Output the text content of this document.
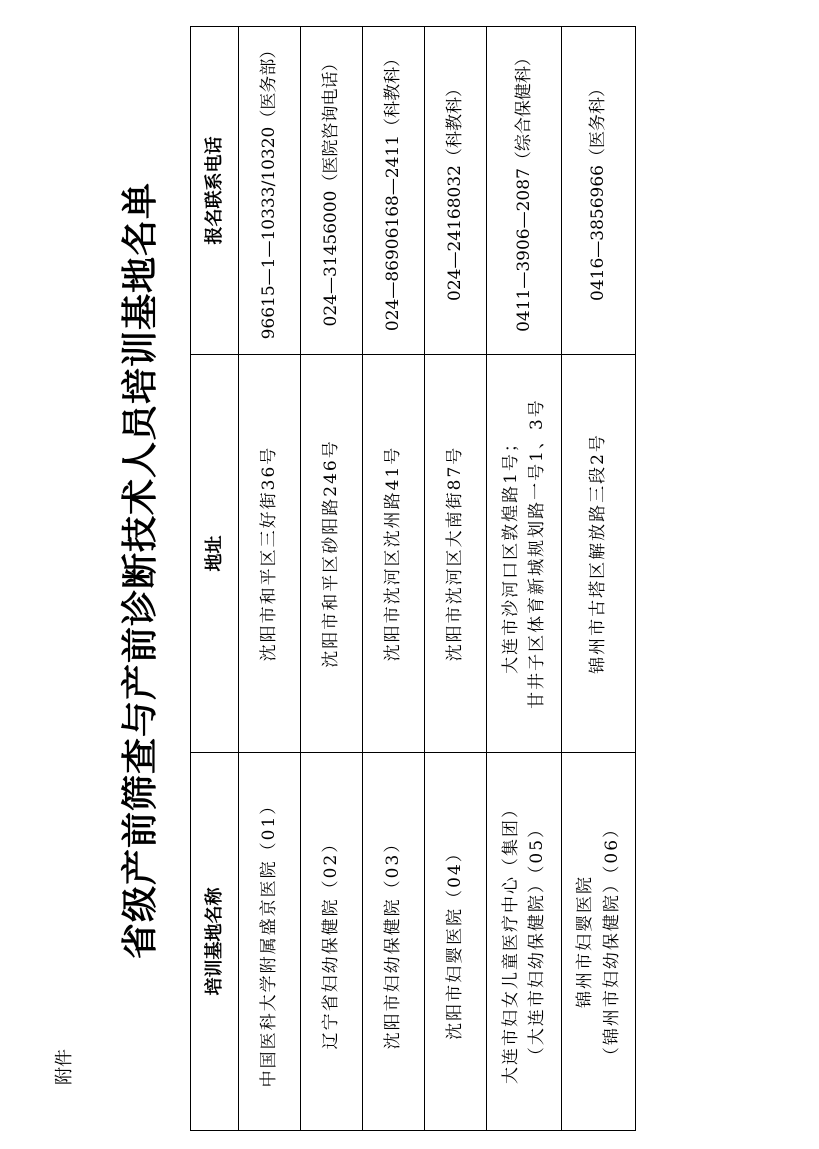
附件
省级产前筛查与产前诊断技术人员培训基地名单 培训基地名称	地址	报名联系电话

中国医科大学附属盛京医院（01）	沈阳市和平区三好街36号	96615—1—10333/10320（医务部）

辽宁省妇幼保健院（02）	沈阳市和平区砂阳路246号	024—31456000（医院咨询电话）

沈阳市妇幼保健院（03）	沈阳市沈河区沈州路41号	024—86906168—2411（科教科）

沈阳市妇婴医院（04）	沈阳市沈河区大南街87号	024—24168032（科教科）

大连市妇女儿童医疗中心（集团） （大连市妇幼保健院）（05）	大连市沙河口区敦煌路1号； 甘井子区体育新城规划路一号1、3号	0411—3906—2087（综合保健科）

锦州市妇婴医院 （锦州市妇幼保健院）（06）	锦州市古塔区解放路三段2号	0416—3856966（医务科）
